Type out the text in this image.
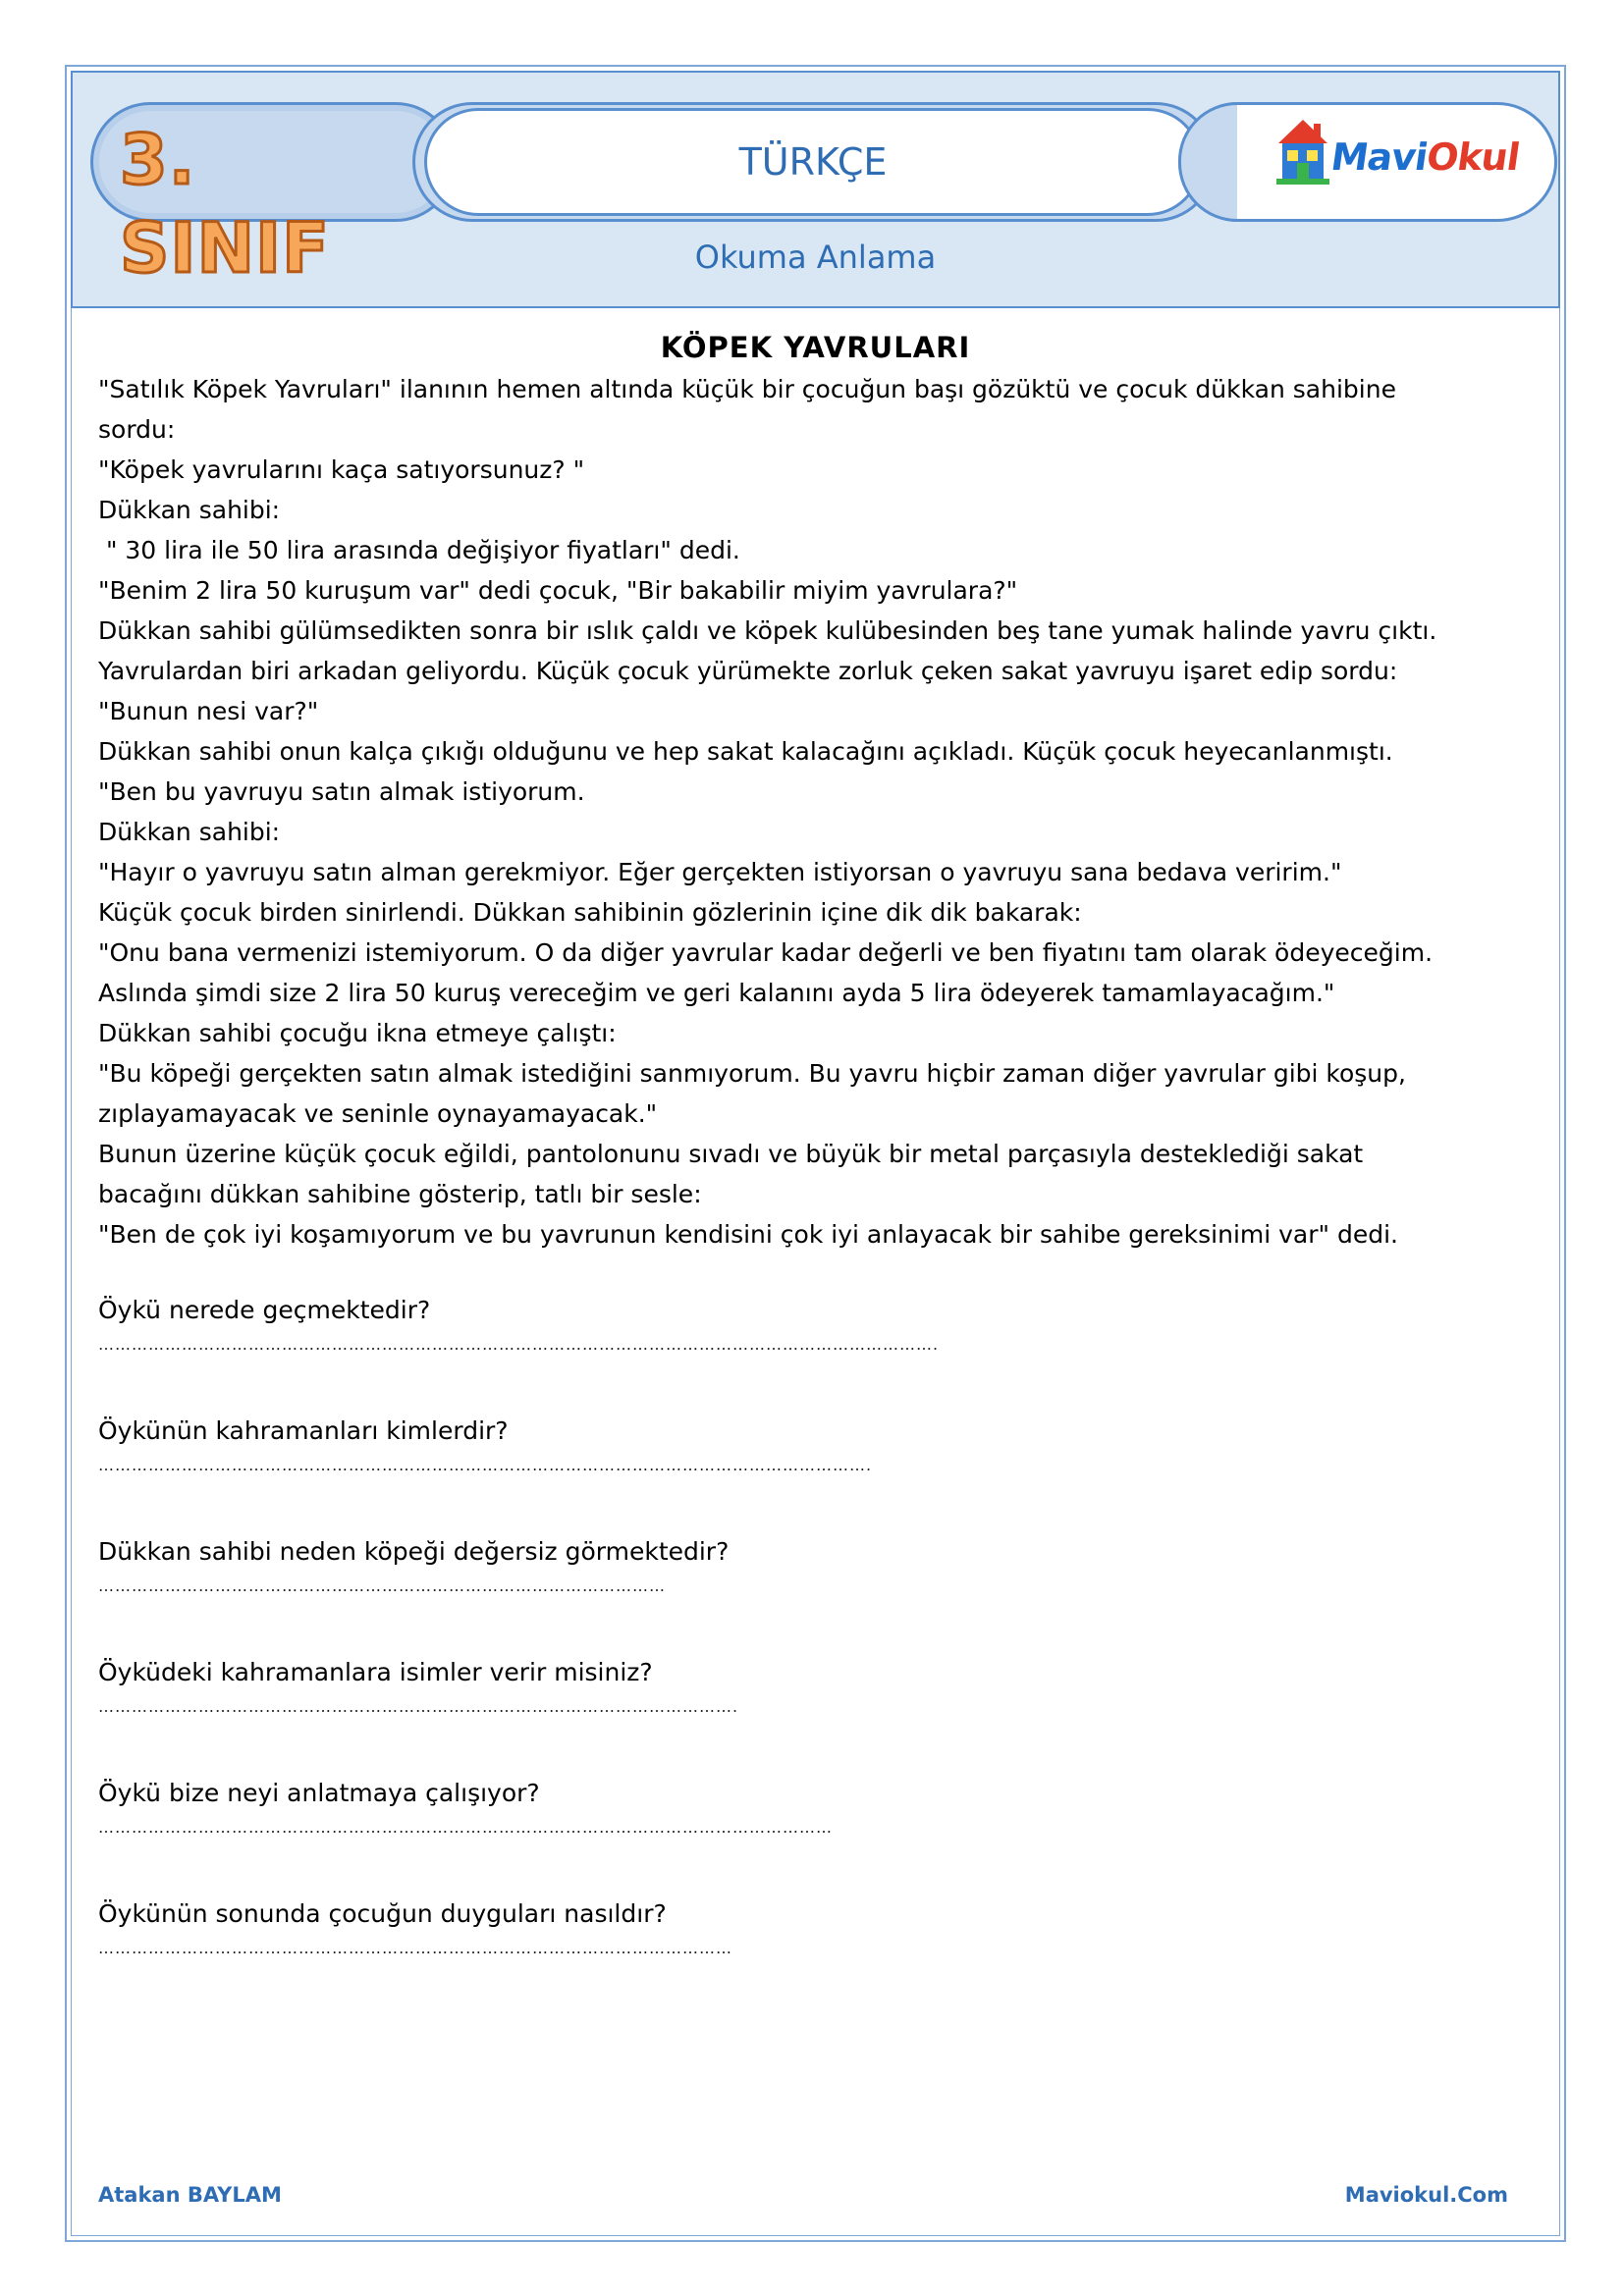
3. SINIF
TÜRKÇE	MaviOkul
Okuma Anlama
KÖPEK YAVRULARI

"Satılık Köpek Yavruları" ilanının hemen altında küçük bir çocuğun başı gözüktü ve çocuk dükkan sahibine

sordu:

"Köpek yavrularını kaça satıyorsunuz? "

Dükkan sahibi:

" 30 lira ile 50 lira arasında değişiyor fiyatları" dedi.

"Benim 2 lira 50 kuruşum var" dedi çocuk, "Bir bakabilir miyim yavrulara?"

Dükkan sahibi gülümsedikten sonra bir ıslık çaldı ve köpek kulübesinden beş tane yumak halinde yavru çıktı.

Yavrulardan biri arkadan geliyordu. Küçük çocuk yürümekte zorluk çeken sakat yavruyu işaret edip sordu:

"Bunun nesi var?"

Dükkan sahibi onun kalça çıkığı olduğunu ve hep sakat kalacağını açıkladı. Küçük çocuk heyecanlanmıştı.

"Ben bu yavruyu satın almak istiyorum.

Dükkan sahibi:

"Hayır o yavruyu satın alman gerekmiyor. Eğer gerçekten istiyorsan o yavruyu sana bedava veririm."

Küçük çocuk birden sinirlendi. Dükkan sahibinin gözlerinin içine dik dik bakarak:

"Onu bana vermenizi istemiyorum. O da diğer yavrular kadar değerli ve ben fiyatını tam olarak ödeyeceğim.

Aslında şimdi size 2 lira 50 kuruş vereceğim ve geri kalanını ayda 5 lira ödeyerek tamamlayacağım."

Dükkan sahibi çocuğu ikna etmeye çalıştı:

"Bu köpeği gerçekten satın almak istediğini sanmıyorum. Bu yavru hiçbir zaman diğer yavrular gibi koşup,

zıplayamayacak ve seninle oynayamayacak."

Bunun üzerine küçük çocuk eğildi, pantolonunu sıvadı ve büyük bir metal parçasıyla desteklediği sakat

bacağını dükkan sahibine gösterip, tatlı bir sesle:

"Ben de çok iyi koşamıyorum ve bu yavrunun kendisini çok iyi anlayacak bir sahibe gereksinimi var" dedi.

Öykü nerede geçmektedir?
…………………………………………………………………………………………………………………………………….
Öykünün kahramanları kimlerdir?
………………………………………………………………………………………………………………………….
Dükkan sahibi neden köpeği değersiz görmektedir?
…………………………………………………………………………………………
Öyküdeki kahramanlara isimler verir misiniz?
…………………………………………………………………………………………………….
Öykü bize neyi anlatmaya çalışıyor?
……………………………………………………………………………………………………………………
Öykünün sonunda çocuğun duyguları nasıldır?
……………………………………………………………………………………………………
Atakan BAYLAM	Maviokul.Com
